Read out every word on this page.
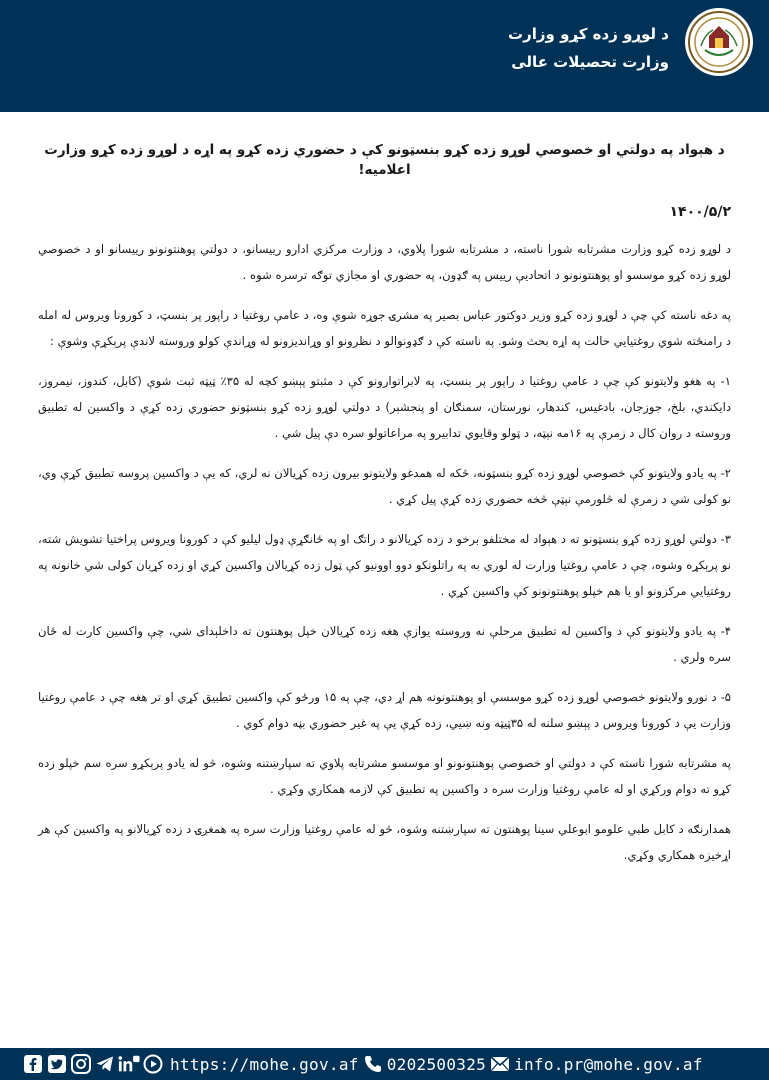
د لوړو زده کړو وزارت
وزارت تحصیلات عالی
د هېواد په دولتي او خصوصي لوړو زده کړو بنسټونو کې د حضوري زده کړو په اړه د لوړو زده کړو وزارت اعلامیه!
۱۴۰۰/۵/۲
د لوړو زده کړو وزارت مشرتابه شورا ناسته، د مشرتابه شورا پلاوي، د وزارت مرکزي ادارو رییسانو، د دولتي پوهنتونونو رییسانو او د خصوصي لوړو زده کړو موسسو او پوهنتونونو د اتحادیې رییس په ګډون، په حضوري او مجازي توګه ترسره شوه .
په دغه ناسته کې چې د لوړو زده کړو وزیر دوکتور عباس بصیر په مشرۍ جوړه شوې وه، د عامې روغتیا د راپور پر بنسټ، د کورونا ویروس له امله د رامنځته شوي روغتیایي حالت په اړه بحث وشو. په ناسته کې د ګډونوالو د نظرونو او وړاندیزونو له وړاندې کولو وروسته لاندې پرېکړې وشوې :
۱- په هغو ولایتونو کې چې د عامې روغتیا د راپور پر بنسټ، په لابراتوارونو کې د مثبتو پېښو کچه له ۳۵٪ ټیټه ثبت شوې (کابل، کندوز، نیمروز، دایکندي، بلخ، جوزجان، بادغیس، کندهار، نورستان، سمنګان او پنجشېر) د دولتي لوړو زده کړو بنسټونو حضوري زده کړې د واکسین له تطبیق وروسته د روان کال د زمرې په ۱۶مه نېټه، د ټولو وقایوي تدابیرو په مراعاتولو سره دې پیل شي .
۲- په یادو ولایتونو کې خصوصي لوړو زده کړو بنسټونه، څکه له همدغو ولایتونو بیرون زده کړیالان نه لري، که یې د واکسین پروسه تطبیق کړې وي، نو کولی شي د زمرې له څلورمې نېټې څخه حضوري زده کړې پیل کړي .
۳- دولتي لوړو زده کړو بنسټونو ته د هېواد له مختلفو برخو د زده کړیالانو د راتګ او په ځانګړې ډول لیلیو کې د کورونا ویروس پراختیا تشویش شته، نو پرېکړه وشوه، چې د عامې روغتیا وزارت له لوري به په راتلونکو دوو اوونیو کې ټول زده کړیالان واکسین کړي او زده کړیان کولی شي خانونه په روغتیایي مرکزونو او یا هم خپلو پوهنتونونو کې واکسین کړي .
۴- په یادو ولایتونو کې د واکسین له تطبیق مرحلې نه وروسته یوازې هغه زده کړیالان خپل پوهنتون ته داخلېدای شي، چې واکسین کارت له ځان سره ولري .
۵- د نورو ولایتونو خصوصي لوړو زده کړو موسسې او پوهنتونونه هم اړ دي، چې په ۱۵ ورځو کې واکسین تطبیق کړي او تر هغه چې د عامې روغتیا وزارت یې د کورونا ویروس د پېښو سلنه له ۳۵ټیټه ونه ښیي، زده کړې یې په غیر حضوري بڼه دوام کوي .
په مشرتابه شورا ناسته کې د دولتي او خصوصي پوهنتونونو او موسسو مشرتابه پلاوي ته سپارښتنه وشوه، څو له یادو پرېکړو سره سم خپلو زده کړو ته دوام ورکړي او له عامې روغتیا وزارت سره د واکسین په تطبیق کې لازمه همکاري وکړي .
همدارنګه د کابل طبي علومو ابوعلي سینا پوهنتون ته سپارښتنه وشوه، څو له عامې روغتیا وزارت سره په همغږۍ د زده کړیالانو په واکسین کې هر اړخیزه همکاري وکړي.
https://mohe.gov.af 0202500325 info.pr@mohe.gov.af
